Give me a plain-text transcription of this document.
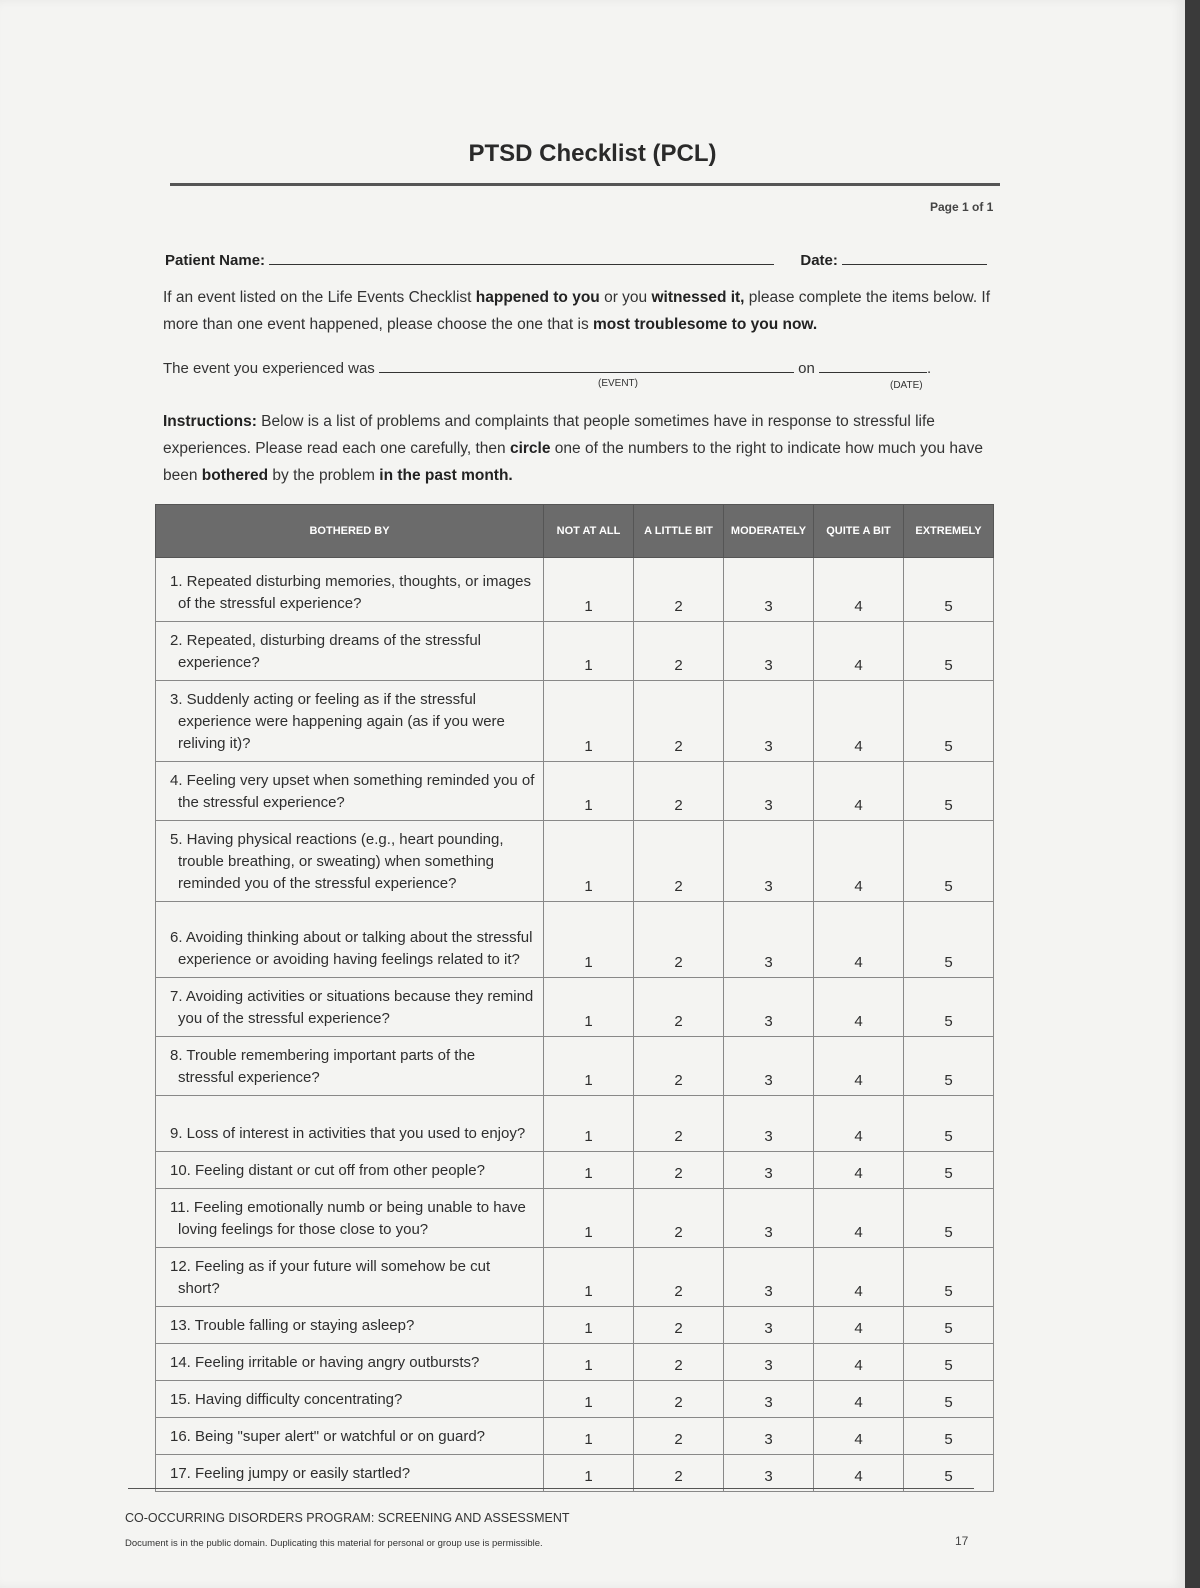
PTSD Checklist (PCL)
Page 1 of 1
Patient Name:	Date:
If an event listed on the Life Events Checklist happened to you or you witnessed it, please complete the items below. If more than one event happened, please choose the one that is most troublesome to you now.
The event you experienced was	on	.
(EVENT)	(DATE)
Instructions: Below is a list of problems and complaints that people sometimes have in response to stressful life experiences. Please read each one carefully, then circle one of the numbers to the right to indicate how much you have been bothered by the problem in the past month.
BOTHERED BY	NOT AT ALL	A LITTLE BIT	MODERATELY	QUITE A BIT	EXTREMELY
1. Repeated disturbing memories, thoughts, or images of the stressful experience?	1	2	3	4	5
2. Repeated, disturbing dreams of the stressful experience?	1	2	3	4	5
3. Suddenly acting or feeling as if the stressful experience were happening again (as if you were reliving it)?	1	2	3	4	5
4. Feeling very upset when something reminded you of the stressful experience?	1	2	3	4	5
5. Having physical reactions (e.g., heart pounding, trouble breathing, or sweating) when something reminded you of the stressful experience?	1	2	3	4	5
6. Avoiding thinking about or talking about the stressful experience or avoiding having feelings related to it?	1	2	3	4	5
7. Avoiding activities or situations because they remind you of the stressful experience?	1	2	3	4	5
8. Trouble remembering important parts of the stressful experience?	1	2	3	4	5
9. Loss of interest in activities that you used to enjoy?	1	2	3	4	5
10. Feeling distant or cut off from other people?	1	2	3	4	5
11. Feeling emotionally numb or being unable to have loving feelings for those close to you?	1	2	3	4	5
12. Feeling as if your future will somehow be cut short?	1	2	3	4	5
13. Trouble falling or staying asleep?	1	2	3	4	5
14. Feeling irritable or having angry outbursts?	1	2	3	4	5
15. Having difficulty concentrating?	1	2	3	4	5
16. Being "super alert" or watchful or on guard?	1	2	3	4	5
17. Feeling jumpy or easily startled?	1	2	3	4	5
CO-OCCURRING DISORDERS PROGRAM: SCREENING AND ASSESSMENT
Document is in the public domain. Duplicating this material for personal or group use is permissible.	17
